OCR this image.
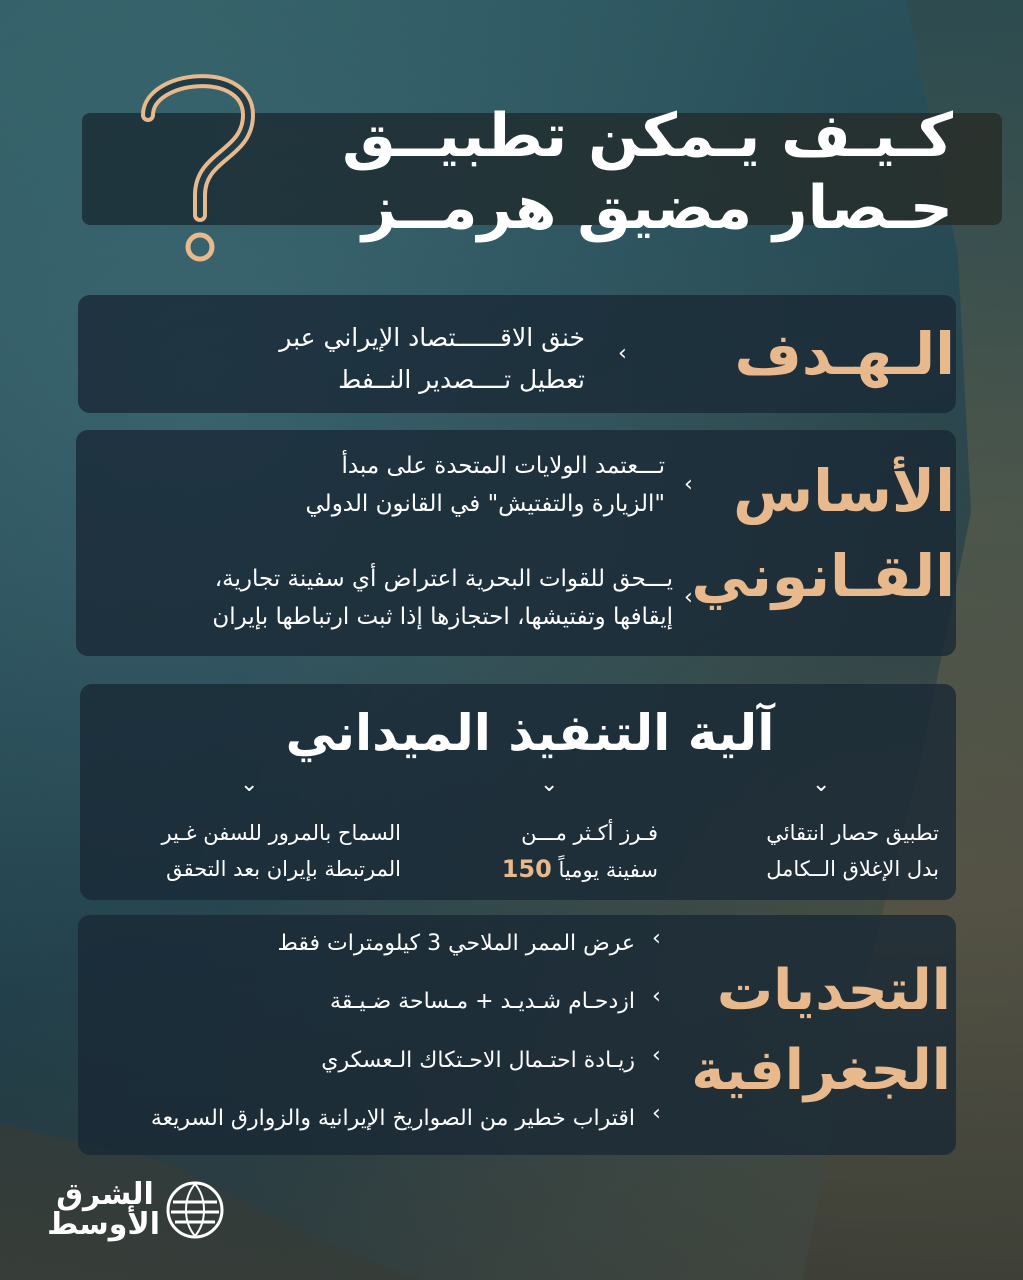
كـيـف يـمكن تطبيــق
حـصار مضيق هرمــز
الـهـدف
‹
خنق الاقــــــتصاد الإيراني عبر
تعطيل تــــصدير النــفط
الأساس
القـانوني
‹
تـــعتمد الولايات المتحدة على مبدأ
"الزيارة والتفتيش" في القانون الدولي
‹
يـــحق للقوات البحرية اعتراض أي سفينة تجارية،
إيقافها وتفتيشها، احتجازها إذا ثبت ارتباطها بإيران
آلية التنفيذ الميداني
⌄
⌄
⌄
تطبيق حصار انتقائي
بدل الإغلاق الــكامل
فـرز أكـثر مـــن
سفينة يومياً 150
السماح بالمرور للسفن غـير
المرتبطة بإيران بعد التحقق
التحديات
الجغرافية
‹
عرض الممر الملاحي 3 كيلومترات فقط
‹
ازدحـام شـديـد + مـساحة ضـيـقة
‹
زيـادة احتـمال الاحـتكاك الـعسكري
‹
اقتراب خطير من الصواريخ الإيرانية والزوارق السريعة
الشرق
الأوسط
